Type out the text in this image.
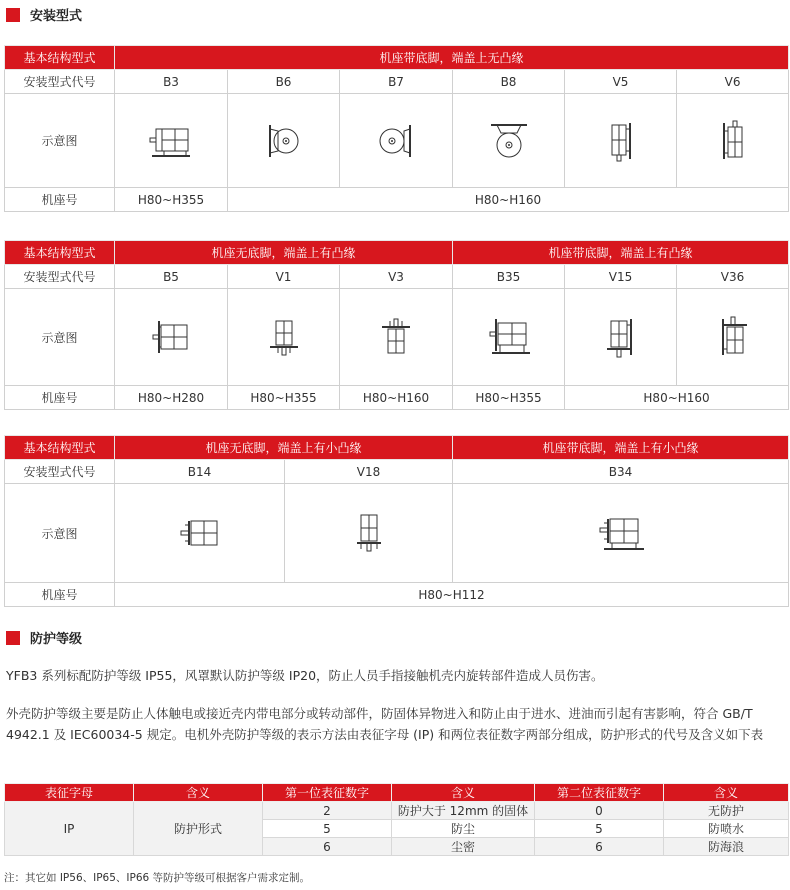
安装型式
基本结构型式	机座带底脚，端盖上无凸缘					
安装型式代号	B3	B6	B7	B8	V5	V6
示意图	

机座号	H80~H355	H80~H160				
基本结构型式	机座无底脚，端盖上有凸缘			机座带底脚，端盖上有凸缘		
安装型式代号	B5	V1	V3	B35	V15	V36
示意图	

机座号	H80~H280	H80~H355	H80~H160	H80~H355	H80~H160	
基本结构型式	机座无底脚，端盖上有小凸缘		机座带底脚，端盖上有小凸缘
安装型式代号	B14	V18	B34
示意图	

机座号	H80~H112		
防护等级
YFB3 系列标配防护等级 IP55，风罩默认防护等级 IP20，防止人员手指接触机壳内旋转部件造成人员伤害。
外壳防护等级主要是防止人体触电或接近壳内带电部分或转动部件，防固体异物进入和防止由于进水、进油而引起有害影响，符合 GB/T 4942.1 及 IEC60034-5 规定。电机外壳防护等级的表示方法由表征字母 (IP) 和两位表征数字两部分组成，防护形式的代号及含义如下表
表征字母	含义	第一位表征数字	含义	第二位表征数字	含义
IP	防护形式	2	防护大于 12mm 的固体	0	无防护
		5	防尘	5	防喷水
		6	尘密	6	防海浪
注：其它如 IP56、IP65、IP66 等防护等级可根据客户需求定制。
